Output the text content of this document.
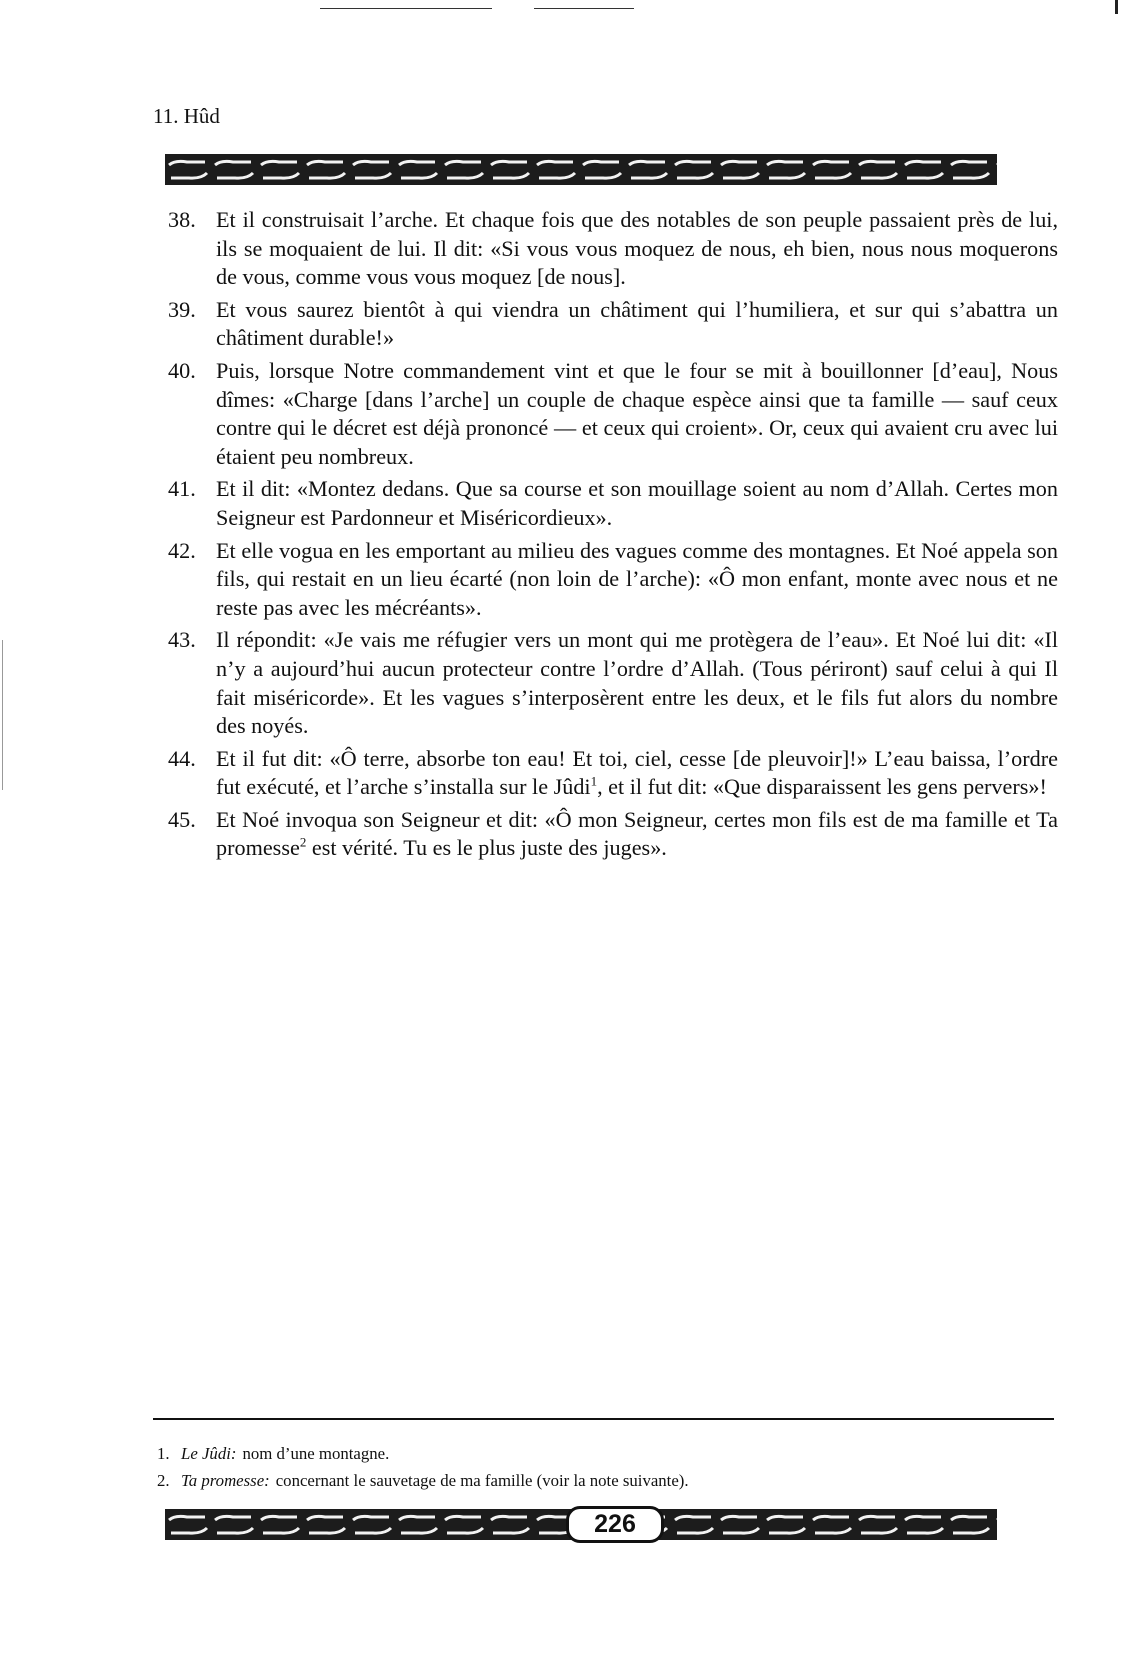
11. Hûd
38. Et il construisait l’arche. Et chaque fois que des notables de son peuple passaient près de lui, ils se moquaient de lui. Il dit: «Si vous vous moquez de nous, eh bien, nous nous moquerons de vous, comme vous vous moquez [de nous].
39. Et vous saurez bientôt à qui viendra un châtiment qui l’humiliera, et sur qui s’abattra un châtiment durable!»
40. Puis, lorsque Notre commandement vint et que le four se mit à bouillonner [d’eau], Nous dîmes: «Charge [dans l’arche] un couple de chaque espèce ainsi que ta famille — sauf ceux contre qui le décret est déjà prononcé — et ceux qui croient». Or, ceux qui avaient cru avec lui étaient peu nombreux.
41. Et il dit: «Montez dedans. Que sa course et son mouillage soient au nom d’Allah. Certes mon Seigneur est Pardonneur et Miséricordieux».
42. Et elle vogua en les emportant au milieu des vagues comme des montagnes. Et Noé appela son fils, qui restait en un lieu écarté (non loin de l’arche): «Ô mon enfant, monte avec nous et ne reste pas avec les mécréants».
43. Il répondit: «Je vais me réfugier vers un mont qui me protègera de l’eau». Et Noé lui dit: «Il n’y a aujourd’hui aucun protecteur contre l’ordre d’Allah. (Tous périront) sauf celui à qui Il fait miséricorde». Et les vagues s’interposèrent entre les deux, et le fils fut alors du nombre des noyés.
44. Et il fut dit: «Ô terre, absorbe ton eau! Et toi, ciel, cesse [de pleuvoir]!» L’eau baissa, l’ordre fut exécuté, et l’arche s’installa sur le Jûdi$^1$, et il fut dit: «Que disparaissent les gens pervers»!
45. Et Noé invoqua son Seigneur et dit: «Ô mon Seigneur, certes mon fils est de ma famille et Ta promesse$^2$ est vérité. Tu es le plus juste des juges».
1. Le Jûdi: nom d’une montagne.
2. Ta promesse: concernant le sauvetage de ma famille (voir la note suivante).
226
